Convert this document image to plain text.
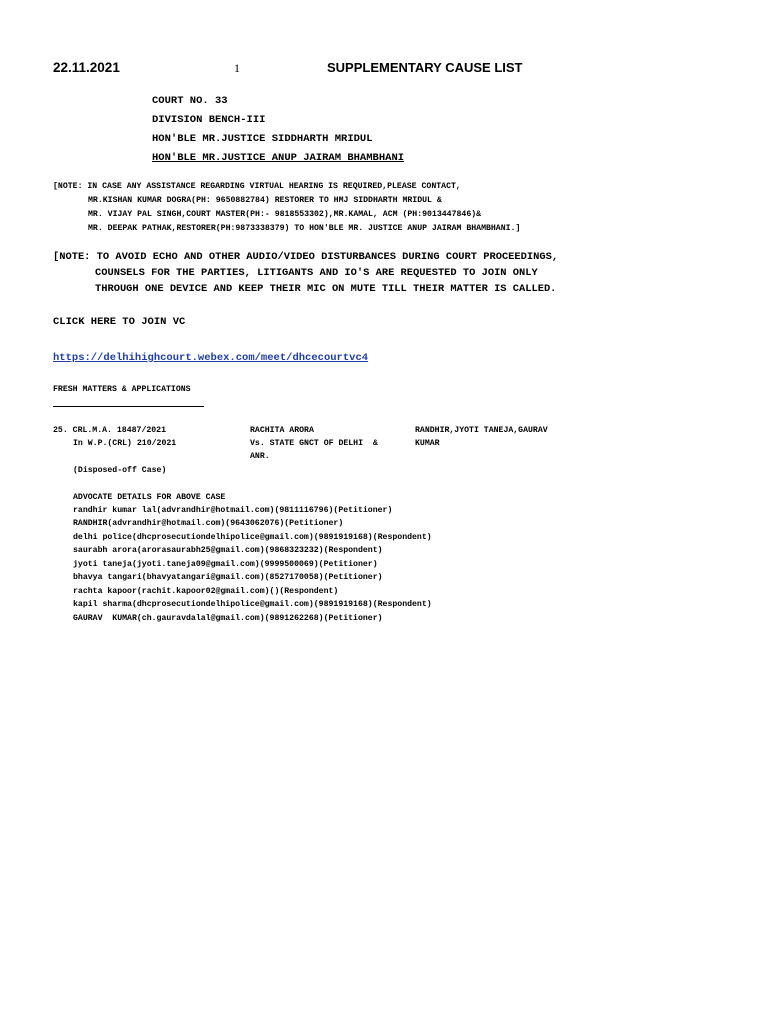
22.11.2021	1	SUPPLEMENTARY CAUSE LIST
COURT NO. 33
DIVISION BENCH-III
HON'BLE MR.JUSTICE SIDDHARTH MRIDUL
HON'BLE MR.JUSTICE ANUP JAIRAM BHAMBHANI
[NOTE: IN CASE ANY ASSISTANCE REGARDING VIRTUAL HEARING IS REQUIRED,PLEASE CONTACT,
MR.KISHAN KUMAR DOGRA(PH: 9650882784) RESTORER TO HMJ SIDDHARTH MRIDUL &
MR. VIJAY PAL SINGH,COURT MASTER(PH:- 9818553302),MR.KAMAL, ACM (PH:9013447846)&
MR. DEEPAK PATHAK,RESTORER(PH:9873338379) TO HON'BLE MR. JUSTICE ANUP JAIRAM BHAMBHANI.]
[NOTE: TO AVOID ECHO AND OTHER AUDIO/VIDEO DISTURBANCES DURING COURT PROCEEDINGS,
COUNSELS FOR THE PARTIES, LITIGANTS AND IO'S ARE REQUESTED TO JOIN ONLY
THROUGH ONE DEVICE AND KEEP THEIR MIC ON MUTE TILL THEIR MATTER IS CALLED.
CLICK HERE TO JOIN VC
https://delhihighcourt.webex.com/meet/dhcecourtvc4
FRESH MATTERS & APPLICATIONS
25. CRL.M.A. 18487/2021
In W.P.(CRL) 210/2021
(Disposed-off Case)
RACHITA ARORA
Vs. STATE GNCT OF DELHI  &
ANR.
RANDHIR,JYOTI TANEJA,GAURAV
KUMAR
ADVOCATE DETAILS FOR ABOVE CASE
randhir kumar lal(advrandhir@hotmail.com)(9811116796)(Petitioner)
RANDHIR(advrandhir@hotmail.com)(9643062076)(Petitioner)
delhi police(dhcprosecutiondelhipolice@gmail.com)(9891919168)(Respondent)
saurabh arora(arorasaurabh25@gmail.com)(9868323232)(Respondent)
jyoti taneja(jyoti.taneja09@gmail.com)(9999500069)(Petitioner)
bhavya tangari(bhavyatangari@gmail.com)(8527170058)(Petitioner)
rachta kapoor(rachit.kapoor02@gmail.com)()(Respondent)
kapil sharma(dhcprosecutiondelhipolice@gmail.com)(9891919168)(Respondent)
GAURAV  KUMAR(ch.gauravdalal@gmail.com)(9891262268)(Petitioner)
